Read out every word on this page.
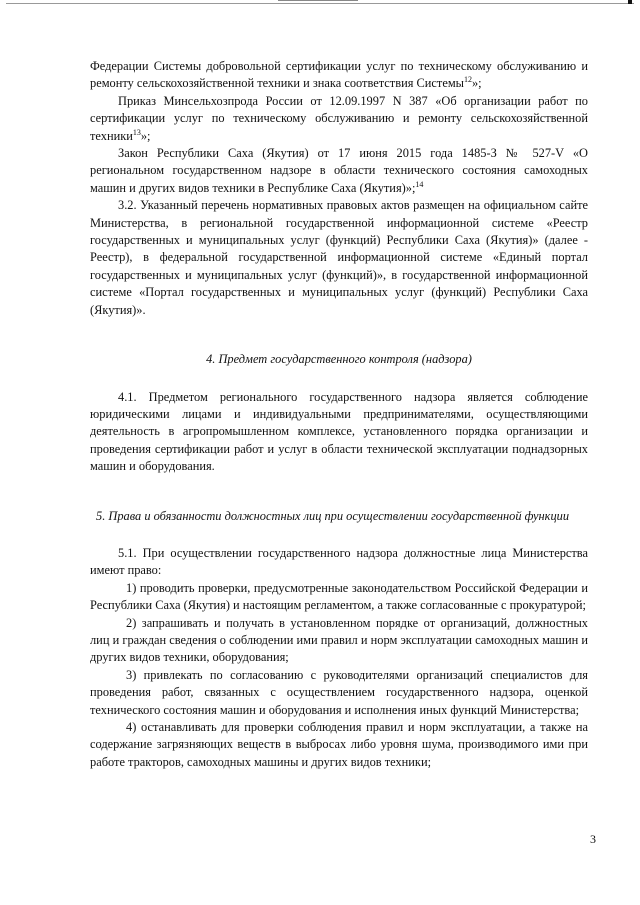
Федерации Системы добровольной сертификации услуг по техническому обслуживанию и ремонту сельскохозяйственной техники и знака соответствия Системы$^{12}$»;

Приказ Минсельхозпрода России от 12.09.1997 N 387 «Об организации работ по сертификации услуг по техническому обслуживанию и ремонту сельскохозяйственной техники$^{13}$»;

Закон Республики Саха (Якутия) от 17 июня 2015 года 1485-З № 527-V «О региональном государственном надзоре в области технического состояния самоходных машин и других видов техники в Республике Саха (Якутия)»;$^{14}$

3.2. Указанный перечень нормативных правовых актов размещен на официальном сайте Министерства, в региональной государственной информационной системе «Реестр государственных и муниципальных услуг (функций) Республики Саха (Якутия)» (далее - Реестр), в федеральной государственной информационной системе «Единый портал государственных и муниципальных услуг (функций)», в государственной информационной системе «Портал государственных и муниципальных услуг (функций) Республики Саха (Якутия)».

4. Предмет государственного контроля (надзора)

4.1. Предметом регионального государственного надзора является соблюдение юридическими лицами и индивидуальными предпринимателями, осуществляющими деятельность в агропромышленном комплексе, установленного порядка организации и проведения сертификации работ и услуг в области технической эксплуатации поднадзорных машин и оборудования.

5. Права и обязанности должностных лиц при осуществлении государственной функции

5.1. При осуществлении государственного надзора должностные лица Министерства имеют право:

1) проводить проверки, предусмотренные законодательством Российской Федерации и Республики Саха (Якутия) и настоящим регламентом, а также согласованные с прокуратурой;

2) запрашивать и получать в установленном порядке от организаций, должностных лиц и граждан сведения о соблюдении ими правил и норм эксплуатации самоходных машин и других видов техники, оборудования;

3) привлекать по согласованию с руководителями организаций специалистов для проведения работ, связанных с осуществлением государственного надзора, оценкой технического состояния машин и оборудования и исполнения иных функций Министерства;

4) останавливать для проверки соблюдения правил и норм эксплуатации, а также на содержание загрязняющих веществ в выбросах либо уровня шума, производимого ими при работе тракторов, самоходных машины и других видов техники;

3
